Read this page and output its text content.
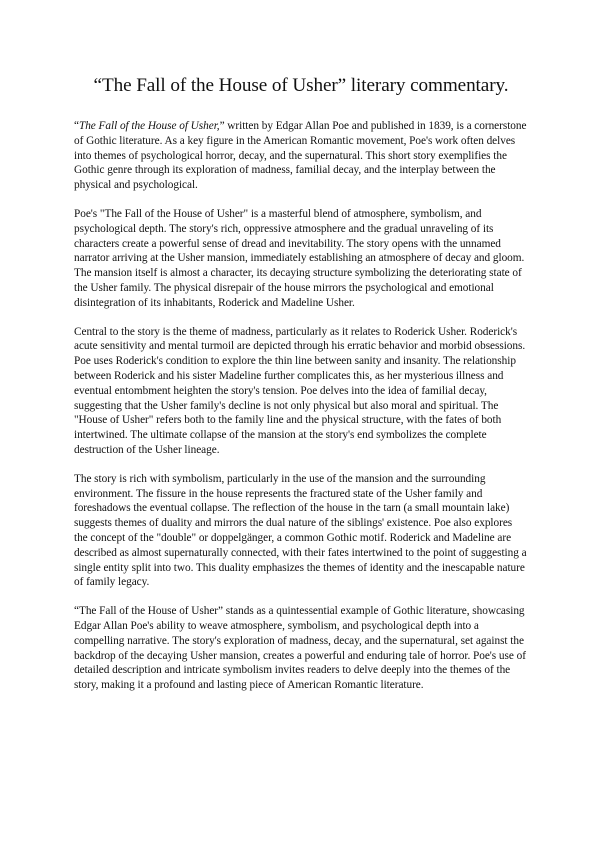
“The Fall of the House of Usher” literary commentary.

“The Fall of the House of Usher,” written by Edgar Allan Poe and published in 1839, is a cornerstone of Gothic literature. As a key figure in the American Romantic movement, Poe's work often delves into themes of psychological horror, decay, and the supernatural. This short story exemplifies the Gothic genre through its exploration of madness, familial decay, and the interplay between the physical and psychological.

Poe's "The Fall of the House of Usher" is a masterful blend of atmosphere, symbolism, and psychological depth. The story's rich, oppressive atmosphere and the gradual unraveling of its characters create a powerful sense of dread and inevitability. The story opens with the unnamed narrator arriving at the Usher mansion, immediately establishing an atmosphere of decay and gloom. The mansion itself is almost a character, its decaying structure symbolizing the deteriorating state of the Usher family. The physical disrepair of the house mirrors the psychological and emotional disintegration of its inhabitants, Roderick and Madeline Usher.

Central to the story is the theme of madness, particularly as it relates to Roderick Usher. Roderick's acute sensitivity and mental turmoil are depicted through his erratic behavior and morbid obsessions. Poe uses Roderick's condition to explore the thin line between sanity and insanity. The relationship between Roderick and his sister Madeline further complicates this, as her mysterious illness and eventual entombment heighten the story's tension. Poe delves into the idea of familial decay, suggesting that the Usher family's decline is not only physical but also moral and spiritual. The "House of Usher" refers both to the family line and the physical structure, with the fates of both intertwined. The ultimate collapse of the mansion at the story's end symbolizes the complete destruction of the Usher lineage.

The story is rich with symbolism, particularly in the use of the mansion and the surrounding environment. The fissure in the house represents the fractured state of the Usher family and foreshadows the eventual collapse. The reflection of the house in the tarn (a small mountain lake) suggests themes of duality and mirrors the dual nature of the siblings' existence. Poe also explores the concept of the "double" or doppelgänger, a common Gothic motif. Roderick and Madeline are described as almost supernaturally connected, with their fates intertwined to the point of suggesting a single entity split into two. This duality emphasizes the themes of identity and the inescapable nature of family legacy.

“The Fall of the House of Usher” stands as a quintessential example of Gothic literature, showcasing Edgar Allan Poe's ability to weave atmosphere, symbolism, and psychological depth into a compelling narrative. The story's exploration of madness, decay, and the supernatural, set against the backdrop of the decaying Usher mansion, creates a powerful and enduring tale of horror. Poe's use of detailed description and intricate symbolism invites readers to delve deeply into the themes of the story, making it a profound and lasting piece of American Romantic literature.
